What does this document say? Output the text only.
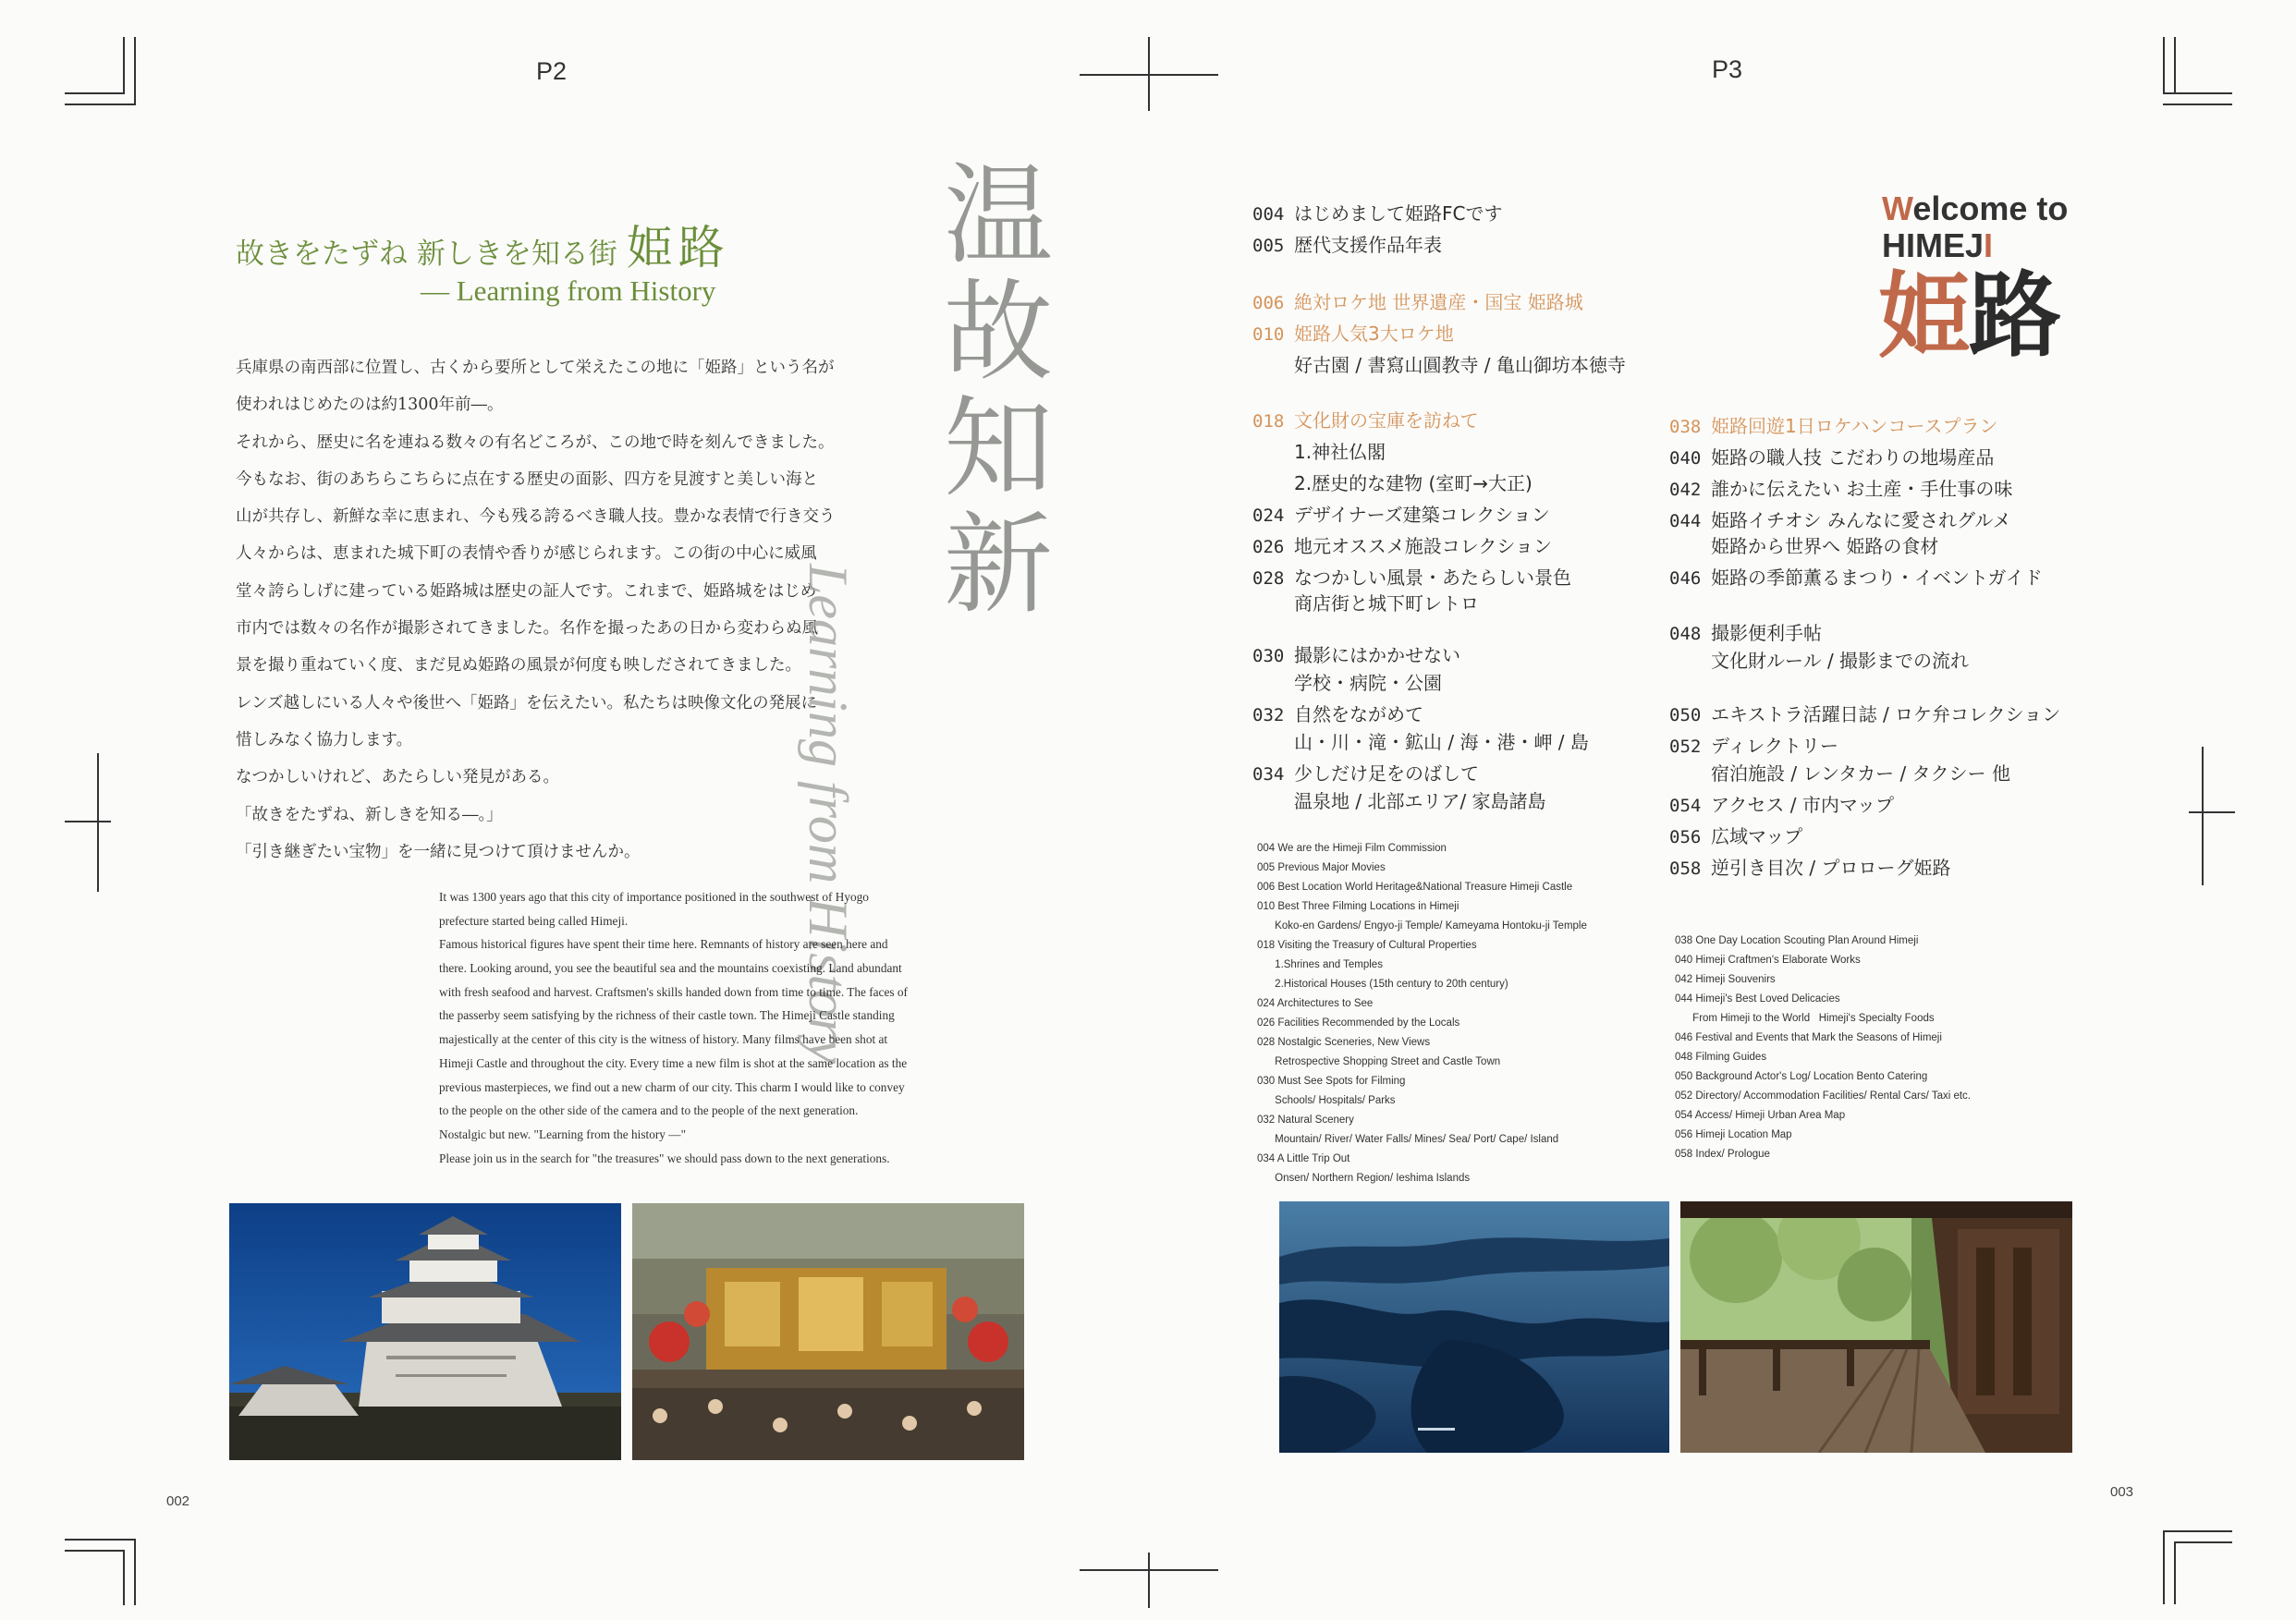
P2
故きをたずね 新しきを知る街 姫路
— Learning from History
兵庫県の南西部に位置し、古くから要所として栄えたこの地に「姫路」という名が
使われはじめたのは約1300年前―。
それから、歴史に名を連ねる数々の有名どころが、この地で時を刻んできました。
今もなお、街のあちらこちらに点在する歴史の面影、四方を見渡すと美しい海と
山が共存し、新鮮な幸に恵まれ、今も残る誇るべき職人技。豊かな表情で行き交う
人々からは、恵まれた城下町の表情や香りが感じられます。この街の中心に威風
堂々誇らしげに建っている姫路城は歴史の証人です。これまで、姫路城をはじめ
市内では数々の名作が撮影されてきました。名作を撮ったあの日から変わらぬ風
景を撮り重ねていく度、まだ見ぬ姫路の風景が何度も映しだされてきました。
レンズ越しにいる人々や後世へ「姫路」を伝えたい。私たちは映像文化の発展に
惜しみなく協力します。
なつかしいけれど、あたらしい発見がある。
「故きをたずね、新しきを知る―。」
「引き継ぎたい宝物」を一緒に見つけて頂けませんか。
温
故
知
新
Learning from History
It was 1300 years ago that this city of importance positioned in the southwest of Hyogo
prefecture started being called Himeji.
Famous historical figures have spent their time here. Remnants of history are seen here and
there. Looking around, you see the beautiful sea and the mountains coexisting. Land abundant
with fresh seafood and harvest. Craftsmen's skills handed down from time to time. The faces of
the passerby seem satisfying by the richness of their castle town. The Himeji Castle standing
majestically at the center of this city is the witness of history. Many films have been shot at
Himeji Castle and throughout the city. Every time a new film is shot at the same location as the
previous masterpieces, we find out a new charm of our city. This charm I would like to convey
to the people on the other side of the camera and to the people of the next generation.
Nostalgic but new. "Learning from the history —"
Please join us in the search for "the treasures" we should pass down to the next generations.
002
P3
Welcome to
HIMEJI
姫路
004 はじめまして姫路FCです
005 歴代支援作品年表
006 絶対ロケ地 世界遺産・国宝 姫路城
010 姫路人気3大ロケ地
好古園 / 書寫山圓教寺 / 亀山御坊本徳寺
018 文化財の宝庫を訪ねて
1.神社仏閣
2.歴史的な建物 (室町→大正)
024 デザイナーズ建築コレクション
026 地元オススメ施設コレクション
028 なつかしい風景・あたらしい景色
商店街と城下町レトロ
030 撮影にはかかせない
学校・病院・公園
032 自然をながめて
山・川・滝・鉱山 / 海・港・岬 / 島
034 少しだけ足をのばして
温泉地 / 北部エリア/ 家島諸島
038 姫路回遊1日ロケハンコースプラン
040 姫路の職人技 こだわりの地場産品
042 誰かに伝えたい お土産・手仕事の味
044 姫路イチオシ みんなに愛されグルメ
姫路から世界へ 姫路の食材
046 姫路の季節薫るまつり・イベントガイド
048 撮影便利手帖
文化財ルール / 撮影までの流れ
050 エキストラ活躍日誌 / ロケ弁コレクション
052 ディレクトリー
宿泊施設 / レンタカー / タクシー 他
054 アクセス / 市内マップ
056 広域マップ
058 逆引き目次 / プロローグ姫路
004 We are the Himeji Film Commission
005 Previous Major Movies
006 Best Location World Heritage&National Treasure Himeji Castle
010 Best Three Filming Locations in Himeji
Koko-en Gardens/ Engyo-ji Temple/ Kameyama Hontoku-ji Temple
018 Visiting the Treasury of Cultural Properties
1.Shrines and Temples
2.Historical Houses (15th century to 20th century)
024 Architectures to See
026 Facilities Recommended by the Locals
028 Nostalgic Sceneries, New Views
Retrospective Shopping Street and Castle Town
030 Must See Spots for Filming
Schools/ Hospitals/ Parks
032 Natural Scenery
Mountain/ River/ Water Falls/ Mines/ Sea/ Port/ Cape/ Island
034 A Little Trip Out
Onsen/ Northern Region/ Ieshima Islands
038 One Day Location Scouting Plan Around Himeji
040 Himeji Craftmen's Elaborate Works
042 Himeji Souvenirs
044 Himeji's Best Loved Delicacies
From Himeji to the World   Himeji's Specialty Foods
046 Festival and Events that Mark the Seasons of Himeji
048 Filming Guides
050 Background Actor's Log/ Location Bento Catering
052 Directory/ Accommodation Facilities/ Rental Cars/ Taxi etc.
054 Access/ Himeji Urban Area Map
056 Himeji Location Map
058 Index/ Prologue
003
